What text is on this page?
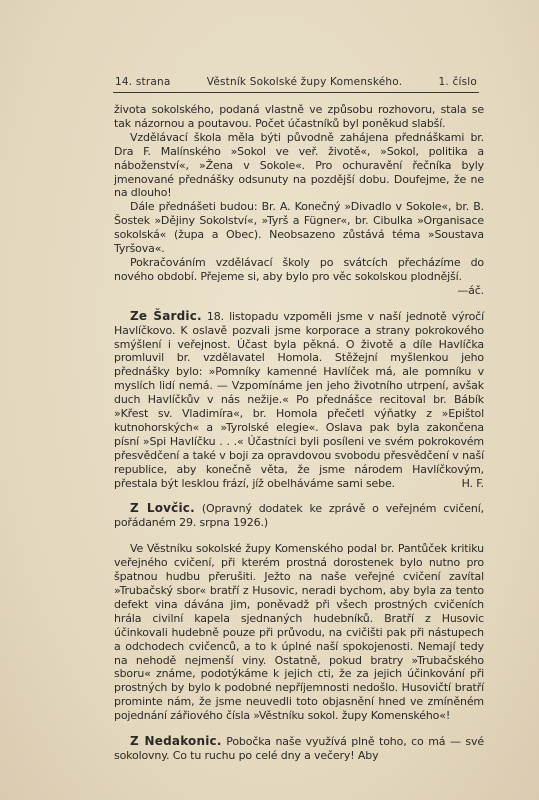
14. strana	Věstník Sokolské župy Komenského.	1. číslo

života sokolského, podaná vlastně ve způsobu rozhovoru, stala se tak názornou a poutavou. Počet účastníků byl poněkud slabší.

Vzdělávací škola měla býti původně zahájena přednáškami br. Dra F. Malínského »Sokol ve veř. životě«, »Sokol, politika a náboženství«, »Žena v Sokole«. Pro ochuravění řečníka byly jmenované přednášky odsunuty na pozdější dobu. Doufejme, že ne na dlouho!

Dále přednášeti budou: Br. A. Konečný »Divadlo v Sokole«, br. B. Šostek »Dějiny Sokolství«, »Tyrš a Fügner«, br. Cibulka »Organisace sokolská« (župa a Obec). Neobsazeno zůstává téma »Soustava Tyršova«.

Pokračováním vzdělávací školy po svátcích přecházíme do nového období. Přejeme si, aby bylo pro věc sokolskou plodnější.

—áč.

Ze Šardic. 18. listopadu vzpoměli jsme v naší jednotě výročí Havlíčkovo. K oslavě pozvali jsme korporace a strany pokrokového smýšlení i veřejnost. Účast byla pěkná. O životě a díle Havlíčka promluvil br. vzdělavatel Homola. Stěžejní myšlenkou jeho přednášky bylo: »Pomníky kamenné Havlíček má, ale pomníku v myslích lidí nemá. — Vzpomínáme jen jeho životního utrpení, avšak duch Havlíčkův v nás nežije.« Po přednášce recitoval br. Bábík »Křest sv. Vladimíra«, br. Homola přečetl výňatky z »Epištol kutnohorských« a »Tyrolské elegie«. Oslava pak byla zakončena písní »Spi Havlíčku . . .« Účastníci byli posíleni ve svém pokrokovém přesvědčení a také v boji za opravdovou svobodu přesvědčení v naší republice, aby konečně věta, že jsme národem Havlíčkovým, přestala být lesklou frází, jíž obelháváme sami sebe.	H. F.

Z Lovčic. (Opravný dodatek ke zprávě o veřejném cvičení, pořádaném 29. srpna 1926.)

Ve Věstníku sokolské župy Komenského podal br. Pantůček kritiku veřejného cvičení, při kterém prostná dorostenek bylo nutno pro špatnou hudbu přerušiti. Ježto na naše veřejné cvičení zavítal »Trubačský sbor« bratří z Husovic, neradi bychom, aby byla za tento defekt vina dávána jim, poněvadž při všech prostných cvičeních hrála civilní kapela sjednaných hudebníků. Bratří z Husovic účinkovali hudebně pouze při průvodu, na cvičišti pak při nástupech a odchodech cvičenců, a to k úplné naší spokojenosti. Nemají tedy na nehodě nejmenší viny. Ostatně, pokud bratry »Trubačského sboru« známe, podotýkáme k jejich cti, že za jejich účinkování při prostných by bylo k podobné nepříjemnosti nedošlo. Husovičtí bratří prominte nám, že jsme neuvedli toto objasnění hned ve zmíněném pojednání zářiového čísla »Věstníku sokol. župy Komenského«!

Z Nedakonic. Pobočka naše využívá plně toho, co má — své sokolovny. Co tu ruchu po celé dny a večery! Aby
